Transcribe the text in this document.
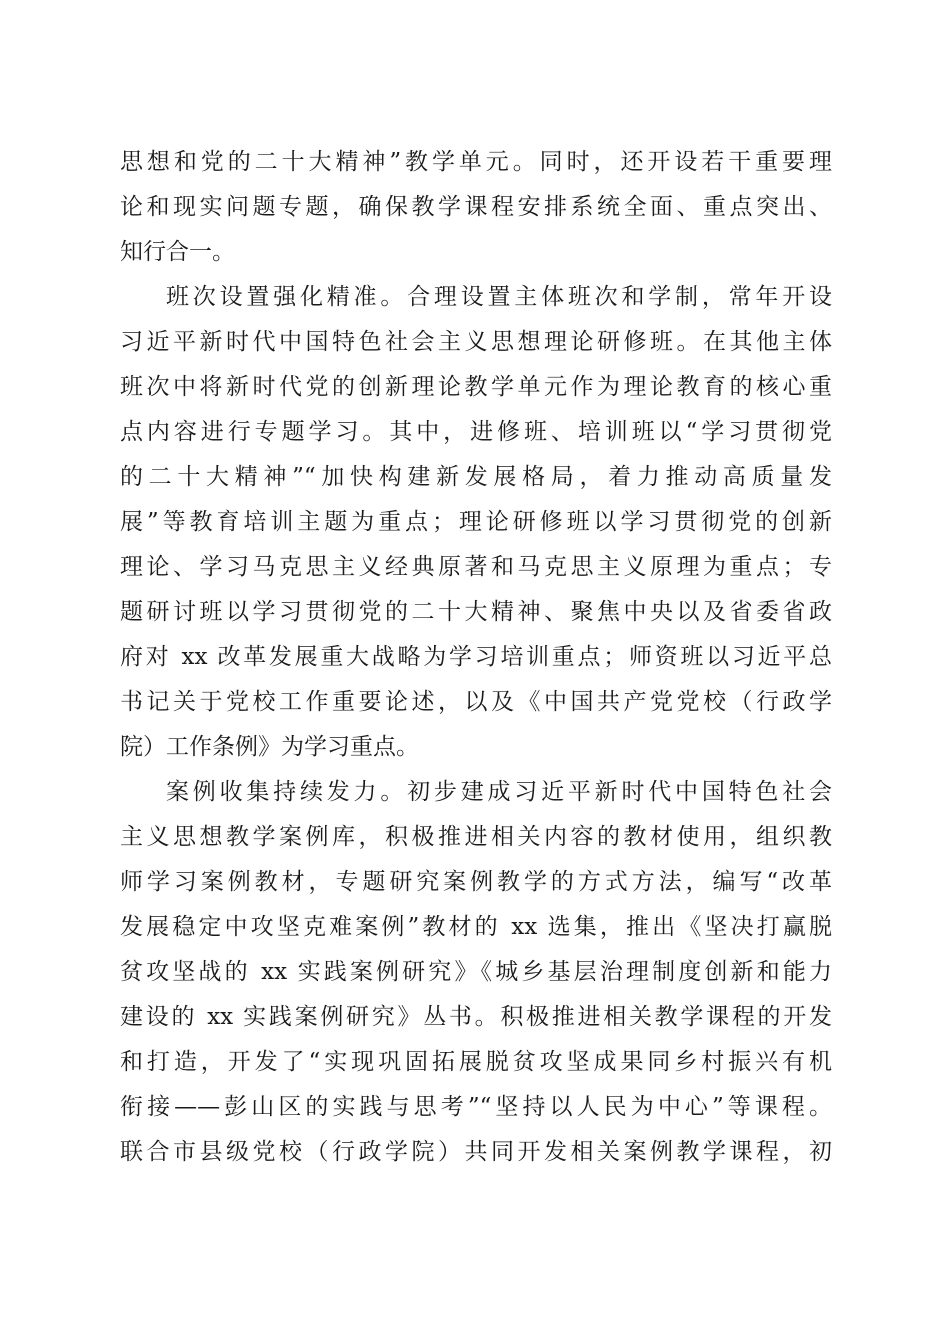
思想和党的二十大精神”教学单元。同时，还开设若干重要理
论和现实问题专题，确保教学课程安排系统全面、重点突出、
知行合一。
班次设置强化精准。合理设置主体班次和学制，常年开设
习近平新时代中国特色社会主义思想理论研修班。在其他主体
班次中将新时代党的创新理论教学单元作为理论教育的核心重
点内容进行专题学习。其中，进修班、培训班以“学习贯彻党
的二十大精神”“加快构建新发展格局，着力推动高质量发
展”等教育培训主题为重点；理论研修班以学习贯彻党的创新
理论、学习马克思主义经典原著和马克思主义原理为重点；专
题研讨班以学习贯彻党的二十大精神、聚焦中央以及省委省政
府对 xx 改革发展重大战略为学习培训重点；师资班以习近平总
书记关于党校工作重要论述，以及《中国共产党党校（行政学
院）工作条例》为学习重点。
案例收集持续发力。初步建成习近平新时代中国特色社会
主义思想教学案例库，积极推进相关内容的教材使用，组织教
师学习案例教材，专题研究案例教学的方式方法，编写“改革
发展稳定中攻坚克难案例”教材的 xx 选集，推出《坚决打赢脱
贫攻坚战的 xx 实践案例研究》《城乡基层治理制度创新和能力
建设的 xx 实践案例研究》丛书。积极推进相关教学课程的开发
和打造，开发了“实现巩固拓展脱贫攻坚成果同乡村振兴有机
衔接——彭山区的实践与思考”“坚持以人民为中心”等课程。
联合市县级党校（行政学院）共同开发相关案例教学课程，初
